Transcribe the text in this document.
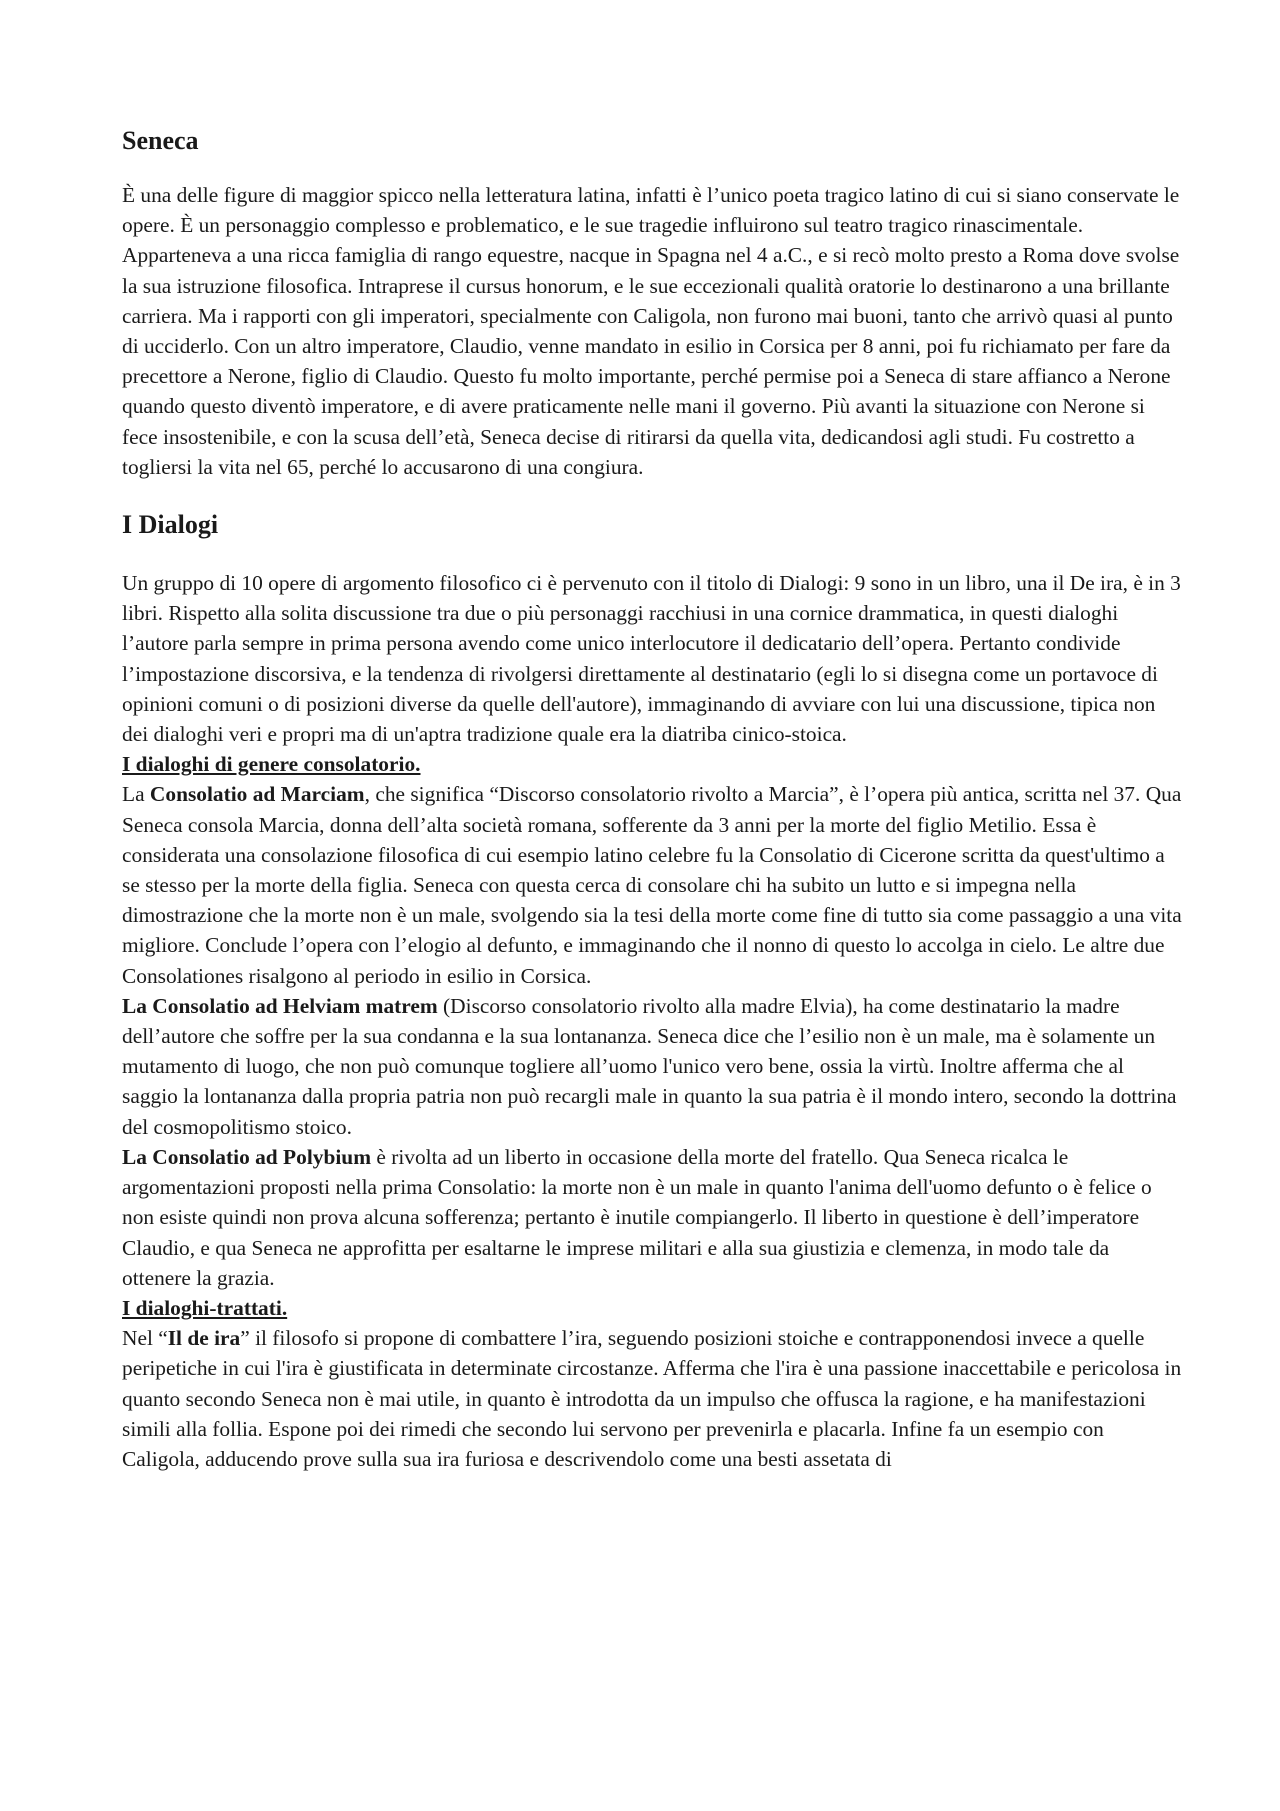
Seneca

È una delle figure di maggior spicco nella letteratura latina, infatti è l’unico poeta tragico latino di cui si siano conservate le opere. È un personaggio complesso e problematico, e le sue tragedie influirono sul teatro tragico rinascimentale. Apparteneva a una ricca famiglia di rango equestre, nacque in Spagna nel 4 a.C., e si recò molto presto a Roma dove svolse la sua istruzione filosofica. Intraprese il cursus honorum, e le sue eccezionali qualità oratorie lo destinarono a una brillante carriera. Ma i rapporti con gli imperatori, specialmente con Caligola, non furono mai buoni, tanto che arrivò quasi al punto di ucciderlo. Con un altro imperatore, Claudio, venne mandato in esilio in Corsica per 8 anni, poi fu richiamato per fare da precettore a Nerone, figlio di Claudio. Questo fu molto importante, perché permise poi a Seneca di stare affianco a Nerone quando questo diventò imperatore, e di avere praticamente nelle mani il governo. Più avanti la situazione con Nerone si fece insostenibile, e con la scusa dell’età, Seneca decise di ritirarsi da quella vita, dedicandosi agli studi. Fu costretto a togliersi la vita nel 65, perché lo accusarono di una congiura.

I Dialogi

Un gruppo di 10 opere di argomento filosofico ci è pervenuto con il titolo di Dialogi: 9 sono in un libro, una il De ira, è in 3 libri. Rispetto alla solita discussione tra due o più personaggi racchiusi in una cornice drammatica, in questi dialoghi l’autore parla sempre in prima persona avendo come unico interlocutore il dedicatario dell’opera. Pertanto condivide l’impostazione discorsiva, e la tendenza di rivolgersi direttamente al destinatario (egli lo si disegna come un portavoce di opinioni comuni o di posizioni diverse da quelle dell'autore), immaginando di avviare con lui una discussione, tipica non dei dialoghi veri e propri ma di un'aptra tradizione quale era la diatriba cinico-stoica.

I dialoghi di genere consolatorio.

La Consolatio ad Marciam, che significa “Discorso consolatorio rivolto a Marcia”, è l’opera più antica, scritta nel 37. Qua Seneca consola Marcia, donna dell’alta società romana, sofferente da 3 anni per la morte del figlio Metilio. Essa è considerata una consolazione filosofica di cui esempio latino celebre fu la Consolatio di Cicerone scritta da quest'ultimo a se stesso per la morte della figlia. Seneca con questa cerca di consolare chi ha subito un lutto e si impegna nella dimostrazione che la morte non è un male, svolgendo sia la tesi della morte come fine di tutto sia come passaggio a una vita migliore. Conclude l’opera con l’elogio al defunto, e immaginando che il nonno di questo lo accolga in cielo. Le altre due Consolationes risalgono al periodo in esilio in Corsica.

La Consolatio ad Helviam matrem (Discorso consolatorio rivolto alla madre Elvia), ha come destinatario la madre dell’autore che soffre per la sua condanna e la sua lontananza. Seneca dice che l’esilio non è un male, ma è solamente un mutamento di luogo, che non può comunque togliere all’uomo l'unico vero bene, ossia la virtù. Inoltre afferma che al saggio la lontananza dalla propria patria non può recargli male in quanto la sua patria è il mondo intero, secondo la dottrina del cosmopolitismo stoico.

La Consolatio ad Polybium è rivolta ad un liberto in occasione della morte del fratello. Qua Seneca ricalca le argomentazioni proposti nella prima Consolatio: la morte non è un male in quanto l'anima dell'uomo defunto o è felice o non esiste quindi non prova alcuna sofferenza; pertanto è inutile compiangerlo. Il liberto in questione è dell’imperatore Claudio, e qua Seneca ne approfitta per esaltarne le imprese militari e alla sua giustizia e clemenza, in modo tale da ottenere la grazia.

I dialoghi-trattati.

Nel “Il de ira” il filosofo si propone di combattere l’ira, seguendo posizioni stoiche e contrapponendosi invece a quelle peripetiche in cui l'ira è giustificata in determinate circostanze. Afferma che l'ira è una passione inaccettabile e pericolosa in quanto secondo Seneca non è mai utile, in quanto è introdotta da un impulso che offusca la ragione, e ha manifestazioni simili alla follia. Espone poi dei rimedi che secondo lui servono per prevenirla e placarla. Infine fa un esempio con Caligola, adducendo prove sulla sua ira furiosa e descrivendolo come una besti assetata di
